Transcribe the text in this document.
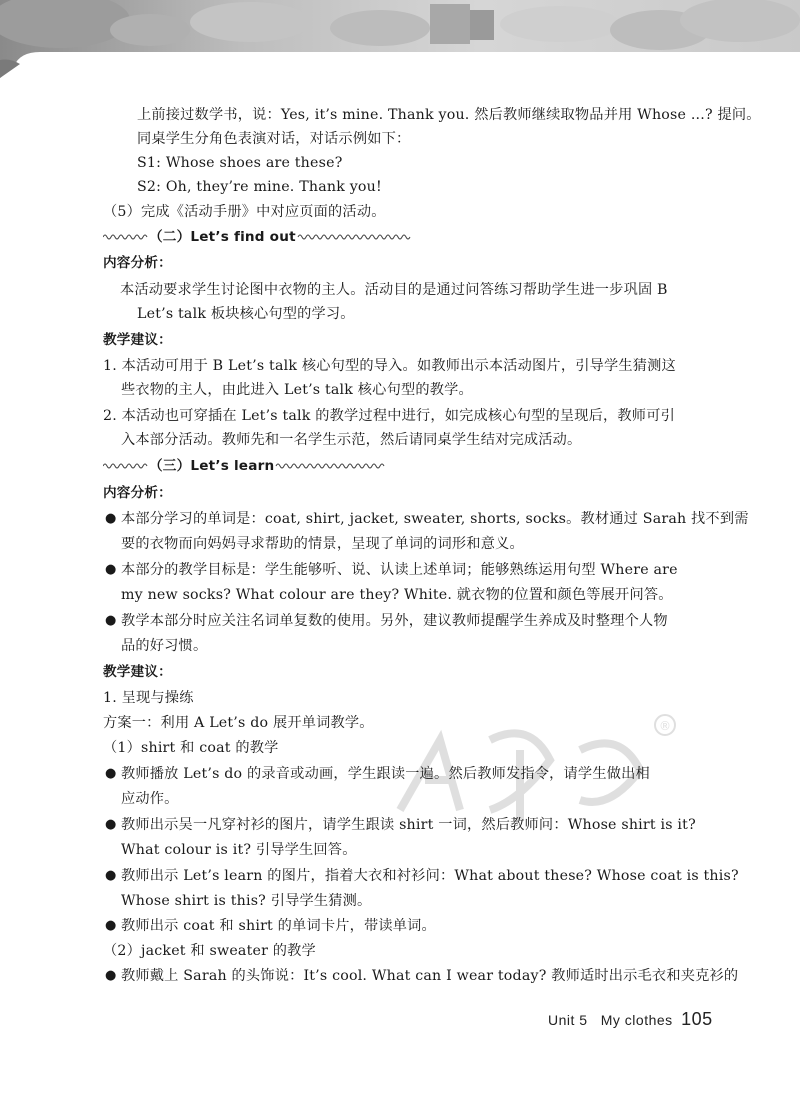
®
上前接过数学书，说：Yes, it’s mine. Thank you. 然后教师继续取物品并用 Whose ...? 提问。
同桌学生分角色表演对话，对话示例如下：
S1: Whose shoes are these?
S2: Oh, they’re mine. Thank you!
（5）完成《活动手册》中对应页面的活动。
（二）Let’s find out
内容分析：
本活动要求学生讨论图中衣物的主人。活动目的是通过问答练习帮助学生进一步巩固 B
Let’s talk 板块核心句型的学习。
教学建议：
1. 本活动可用于 B Let’s talk 核心句型的导入。如教师出示本活动图片，引导学生猜测这
些衣物的主人，由此进入 Let’s talk 核心句型的教学。
2. 本活动也可穿插在 Let’s talk 的教学过程中进行，如完成核心句型的呈现后，教师可引
入本部分活动。教师先和一名学生示范，然后请同桌学生结对完成活动。
（三）Let’s learn
内容分析：
● 本部分学习的单词是：coat, shirt, jacket, sweater, shorts, socks。教材通过 Sarah 找不到需
要的衣物而向妈妈寻求帮助的情景，呈现了单词的词形和意义。
● 本部分的教学目标是：学生能够听、说、认读上述单词；能够熟练运用句型 Where are
my new socks? What colour are they? White. 就衣物的位置和颜色等展开问答。
● 教学本部分时应关注名词单复数的使用。另外，建议教师提醒学生养成及时整理个人物
品的好习惯。
教学建议：
1. 呈现与操练
方案一：利用 A Let’s do 展开单词教学。
（1）shirt 和 coat 的教学
● 教师播放 Let’s do 的录音或动画，学生跟读一遍。然后教师发指令，请学生做出相
应动作。
● 教师出示吴一凡穿衬衫的图片，请学生跟读 shirt 一词，然后教师问：Whose shirt is it?
What colour is it? 引导学生回答。
● 教师出示 Let’s learn 的图片，指着大衣和衬衫问：What about these? Whose coat is this?
Whose shirt is this? 引导学生猜测。
● 教师出示 coat 和 shirt 的单词卡片，带读单词。
（2）jacket 和 sweater 的教学
● 教师戴上 Sarah 的头饰说：It’s cool. What can I wear today? 教师适时出示毛衣和夹克衫的
Unit 5 My clothes 105
